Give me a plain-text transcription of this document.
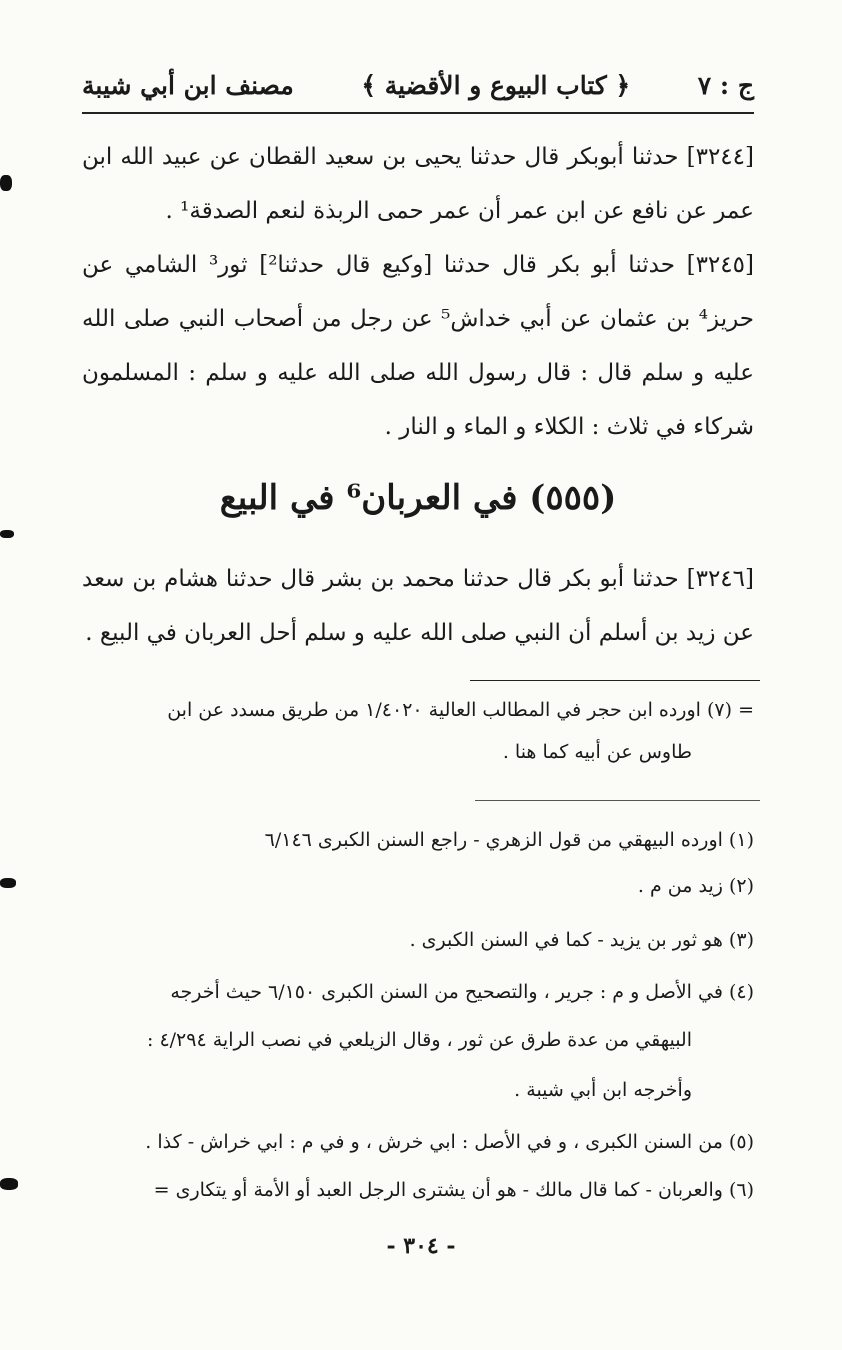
مصنف ابن أبي شيبة	﴿ كتاب البيوع و الأقضية ﴾	ج : ٧
[٣٢٤٤] حدثنا أبوبكر قال حدثنا يحيى بن سعيد القطان عن عبيد الله ابن عمر عن نافع عن ابن عمر أن عمر حمى الربذة لنعم الصدقة¹ .
[٣٢٤٥] حدثنا أبو بكر قال حدثنا [وكيع قال حدثنا²] ثور³ الشامي عن حريز⁴ بن عثمان عن أبي خداش⁵ عن رجل من أصحاب النبي صلى الله عليه و سلم قال : قال رسول الله صلى الله عليه و سلم : المسلمون شركاء في ثلاث : الكلاء و الماء و النار .
(٥٥٥) في العربان⁶ في البيع
[٣٢٤٦] حدثنا أبو بكر قال حدثنا محمد بن بشر قال حدثنا هشام بن سعد عن زيد بن أسلم أن النبي صلى الله عليه و سلم أحل العربان في البيع .
= (٧) اورده ابن حجر في المطالب العالية ١/٤٠٢٠ من طريق مسدد عن ابن
طاوس عن أبيه كما هنا .
(١) اورده البيهقي من قول الزهري - راجع السنن الكبرى ٦/١٤٦
(٢) زيد من م .
(٣) هو ثور بن يزيد - كما في السنن الكبرى .
(٤) في الأصل و م : جرير ، والتصحيح من السنن الكبرى ٦/١٥٠ حيث أخرجه
البيهقي من عدة طرق عن ثور ، وقال الزيلعي في نصب الراية ٤/٢٩٤ :
وأخرجه ابن أبي شيبة .
(٥) من السنن الكبرى ، و في الأصل : ابي خرش ، و في م : ابي خراش - كذا .
(٦) والعربان - كما قال مالك - هو أن يشترى الرجل العبد أو الأمة أو يتكارى =
- ٣٠٤ -
